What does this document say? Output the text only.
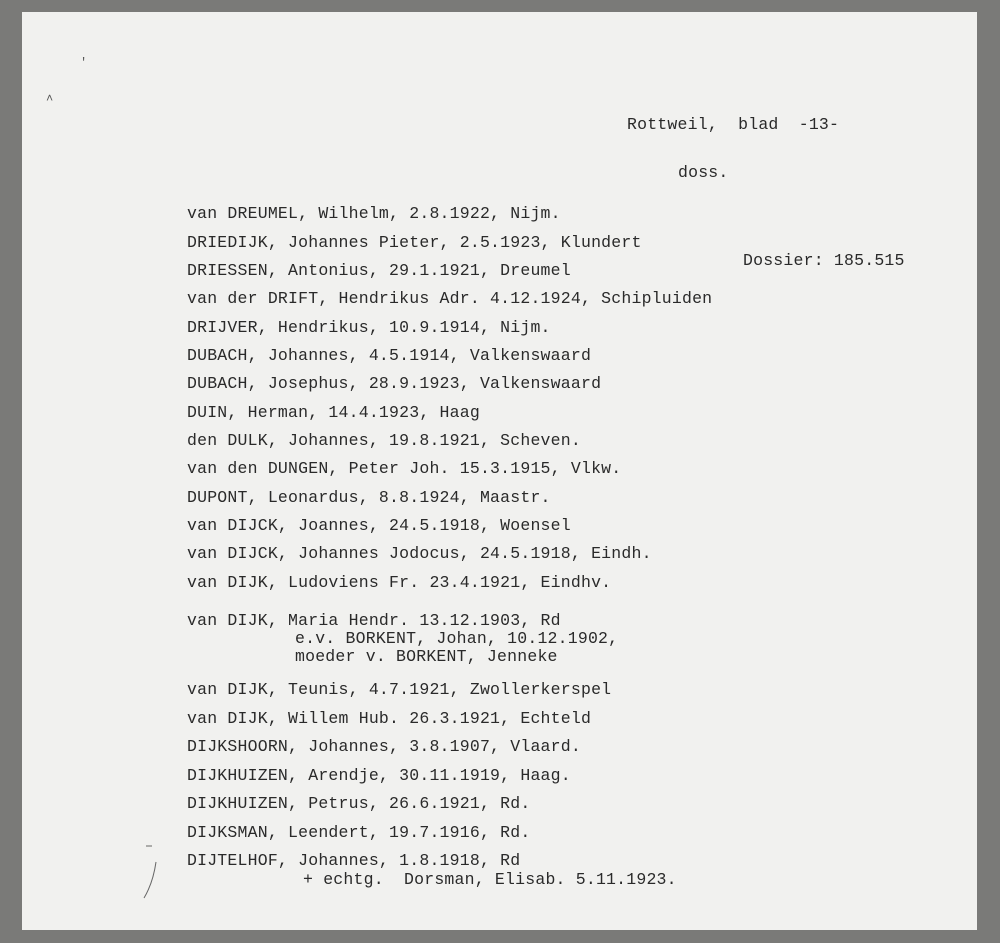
'
˄
Rottweil,  blad  -13-
doss.
Dossier: 185.515
van DREUMEL, Wilhelm, 2.8.1922, Nijm.
DRIEDIJK, Johannes Pieter, 2.5.1923, Klundert
DRIESSEN, Antonius, 29.1.1921, Dreumel
van der DRIFT, Hendrikus Adr. 4.12.1924, Schipluiden
DRIJVER, Hendrikus, 10.9.1914, Nijm.
DUBACH, Johannes, 4.5.1914, Valkenswaard
DUBACH, Josephus, 28.9.1923, Valkenswaard
DUIN, Herman, 14.4.1923, Haag
den DULK, Johannes, 19.8.1921, Scheven.
van den DUNGEN, Peter Joh. 15.3.1915, Vlkw.
DUPONT, Leonardus, 8.8.1924, Maastr.
van DIJCK, Joannes, 24.5.1918, Woensel
van DIJCK, Johannes Jodocus, 24.5.1918, Eindh.
van DIJK, Ludoviens Fr. 23.4.1921, Eindhv.
van DIJK, Maria Hendr. 13.12.1903, Rd
e.v. BORKENT, Johan, 10.12.1902,
moeder v. BORKENT, Jenneke
van DIJK, Teunis, 4.7.1921, Zwollerkerspel
van DIJK, Willem Hub. 26.3.1921, Echteld
DIJKSHOORN, Johannes, 3.8.1907, Vlaard.
DIJKHUIZEN, Arendje, 30.11.1919, Haag.
DIJKHUIZEN, Petrus, 26.6.1921, Rd.
DIJKSMAN, Leendert, 19.7.1916, Rd.
DIJTELHOF, Johannes, 1.8.1918, Rd
+ echtg.  Dorsman, Elisab. 5.11.1923.
